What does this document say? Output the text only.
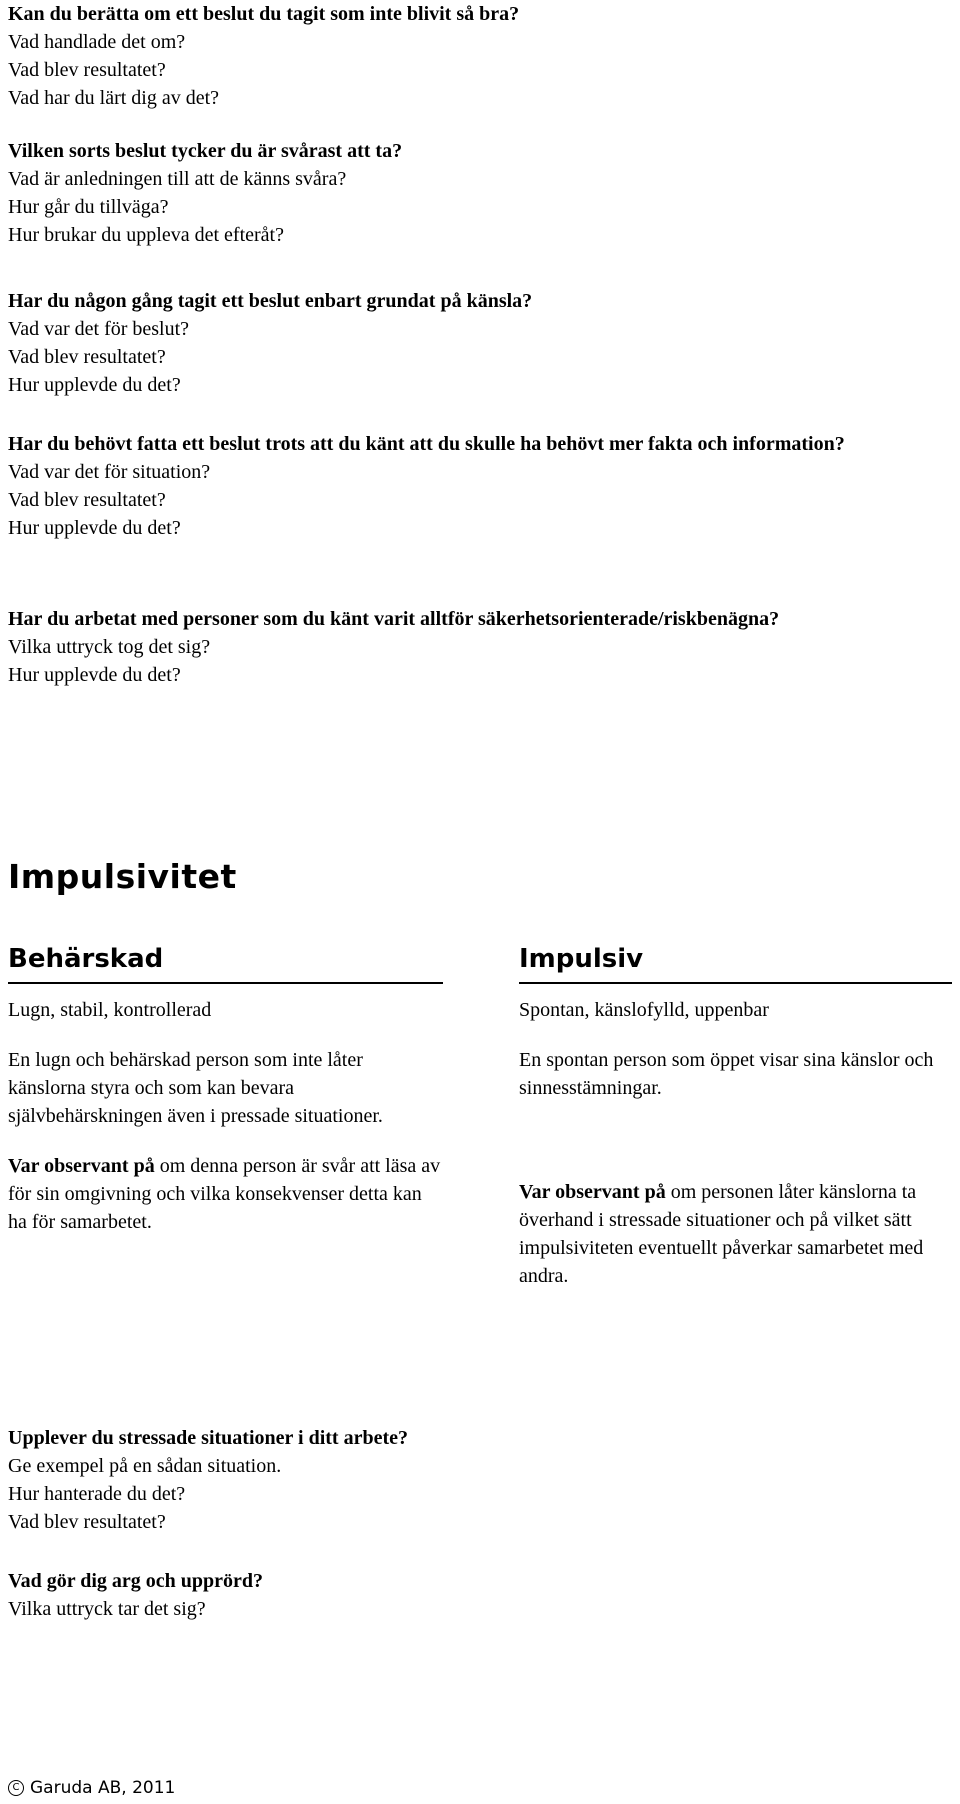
Kan du berätta om ett beslut du tagit som inte blivit så bra?

Vad handlade det om?

Vad blev resultatet?

Vad har du lärt dig av det?

Vilken sorts beslut tycker du är svårast att ta?

Vad är anledningen till att de känns svåra?

Hur går du tillväga?

Hur brukar du uppleva det efteråt?

Har du någon gång tagit ett beslut enbart grundat på känsla?

Vad var det för beslut?

Vad blev resultatet?

Hur upplevde du det?

Har du behövt fatta ett beslut trots att du känt att du skulle ha behövt mer fakta och information?

Vad var det för situation?

Vad blev resultatet?

Hur upplevde du det?

Har du arbetat med personer som du känt varit alltför säkerhetsorienterade/riskbenägna?

Vilka uttryck tog det sig?

Hur upplevde du det?

Impulsivitet
Behärskad

Lugn, stabil, kontrollerad

En lugn och behärskad person som inte låter känslorna styra och som kan bevara självbehärskningen även i pressade situationer.

Var observant på om denna person är svår att läsa av för sin omgivning och vilka konsekvenser detta kan ha för samarbetet.

Impulsiv

Spontan, känslofylld, uppenbar

En spontan person som öppet visar sina känslor och sinnesstämningar.

Var observant på om personen låter känslorna ta överhand i stressade situationer och på vilket sätt impulsiviteten eventuellt påverkar samarbetet med andra.

Upplever du stressade situationer i ditt arbete?

Ge exempel på en sådan situation.

Hur hanterade du det?

Vad blev resultatet?

Vad gör dig arg och upprörd?

Vilka uttryck tar det sig?

C Garuda AB, 2011
